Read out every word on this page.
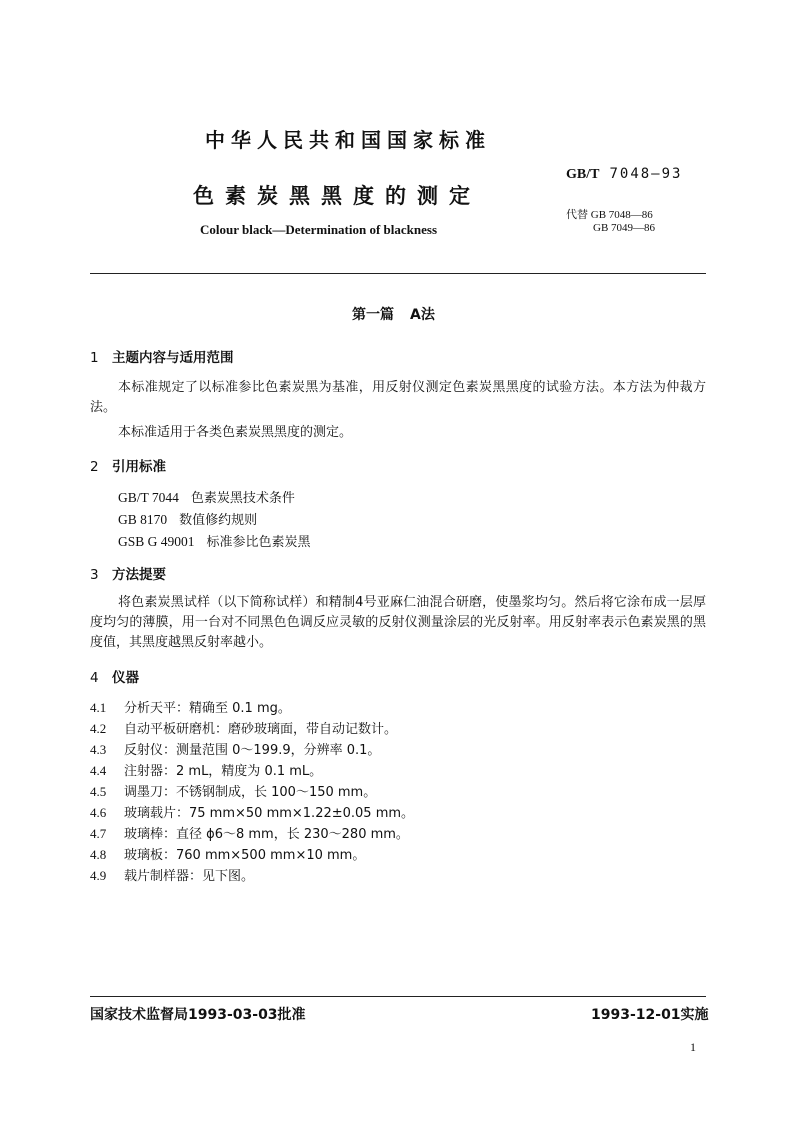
中华人民共和国国家标准
色素炭黑黑度的测定
Colour black—Determination of blackness
GB/T 7048—93
代替 GB 7048—86
GB 7049—86
第一篇 A法
1 主题内容与适用范围
本标准规定了以标准参比色素炭黑为基准，用反射仪测定色素炭黑黑度的试验方法。本方法为仲裁方法。
本标准适用于各类色素炭黑黑度的测定。
2 引用标准
GB/T 7044 色素炭黑技术条件
GB 8170 数值修约规则
GSB G 49001 标准参比色素炭黑
3 方法提要
将色素炭黑试样（以下简称试样）和精制4号亚麻仁油混合研磨，使墨浆均匀。然后将它涂布成一层厚度均匀的薄膜，用一台对不同黑色色调反应灵敏的反射仪测量涂层的光反射率。用反射率表示色素炭黑的黑度值，其黑度越黑反射率越小。
4 仪器
4.1 分析天平：精确至 0.1 mg。
4.2 自动平板研磨机：磨砂玻璃面，带自动记数计。
4.3 反射仪：测量范围 0～199.9，分辨率 0.1。
4.4 注射器：2 mL，精度为 0.1 mL。
4.5 调墨刀：不锈钢制成，长 100～150 mm。
4.6 玻璃载片：75 mm×50 mm×1.22±0.05 mm。
4.7 玻璃棒：直径 ϕ6～8 mm，长 230～280 mm。
4.8 玻璃板：760 mm×500 mm×10 mm。
4.9 载片制样器：见下图。
国家技术监督局1993-03-03批准	1993-12-01实施
1
